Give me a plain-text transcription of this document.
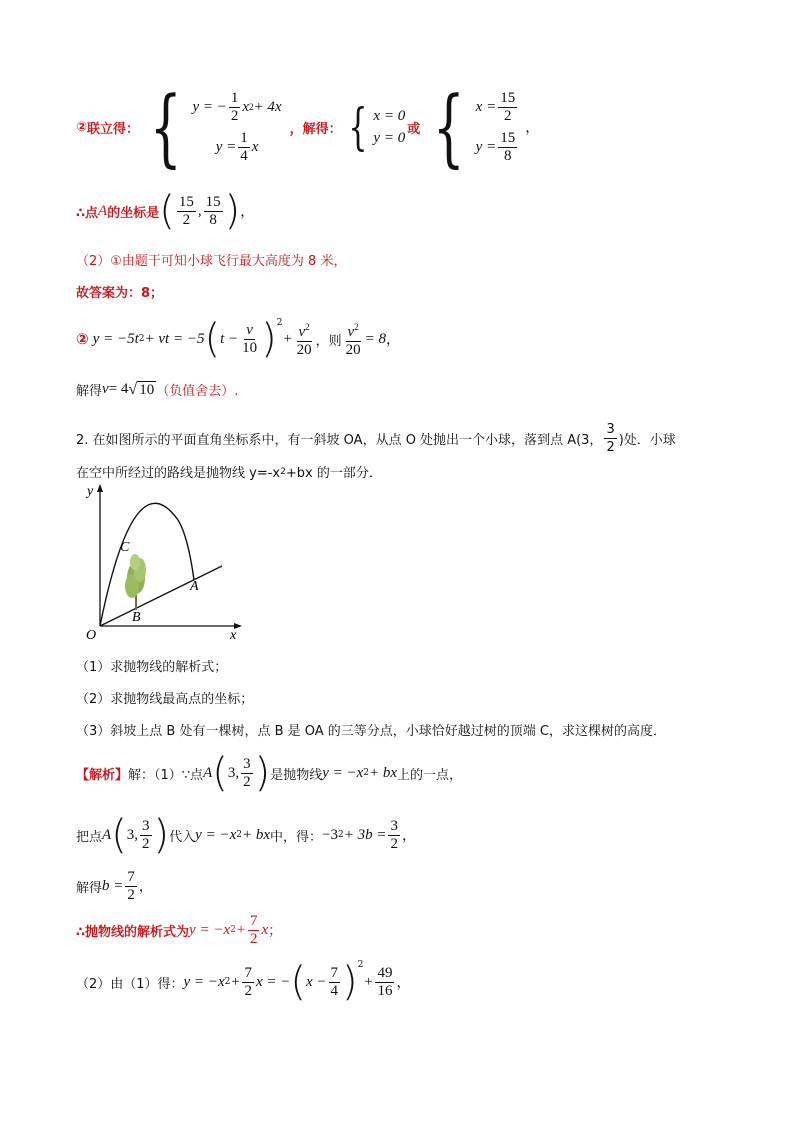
② 联立得： { y = − $\frac{1}{2}$ x 2 + 4x
$y = \frac{1}{4}$ x
，解得： { x = 0
y = 0
或 { $x = \frac{15}{2}$
$y = \frac{15}{8}$
，
∴点 A 的坐标是 ( $\frac{15}{2}$ , $\frac{15}{8}$ ) ，
（2）①由题干可知小球飞行最大高度为 8 米，
故答案为：8；
② y = −5t 2 + vt = −5 ( $t - \frac{v}{10} )^2$
+ $\frac{v^2}{20}$ ，则 $\frac{v^2}{20} = 8$ ，
解得 v = 4 √ 10 （负值舍去）.
2. 在如图所示的平面直角坐标系中，有一斜坡 OA，从点 O 处抛出一个小球，落到点 A(3， $\frac{3}{2}$ )处．小球
在空中所经过的路线是抛物线 y=-x 2 +bx 的一部分．
y
x
O
A
B
C
（1）求抛物线的解析式；
（2）求抛物线最高点的坐标；
（3）斜坡上点 B 处有一棵树，点 B 是 OA 的三等分点，小球恰好越过树的顶端 C，求这棵树的高度．
【解析】 解：（1）∵点 A ( 3, $\frac{3}{2}$ ) 是抛物线 y = −x 2 + bx 上的一点，
把点 A ( 3, $\frac{3}{2}$ ) 代入 y = −x 2 + bx 中，得： −3 $2 + 3b = \frac{3}{2}$ ，
解得 $b = \frac{7}{2}$ ，
∴抛物线的解析式为 y = −x $2 + \frac{7}{2}$ x ；
（2）由（1）得： y = −x $2 + \frac{7}{2}$ x = − ( $x - \frac{7}{4} )^2$
+ $\frac{49}{16}$ ，
